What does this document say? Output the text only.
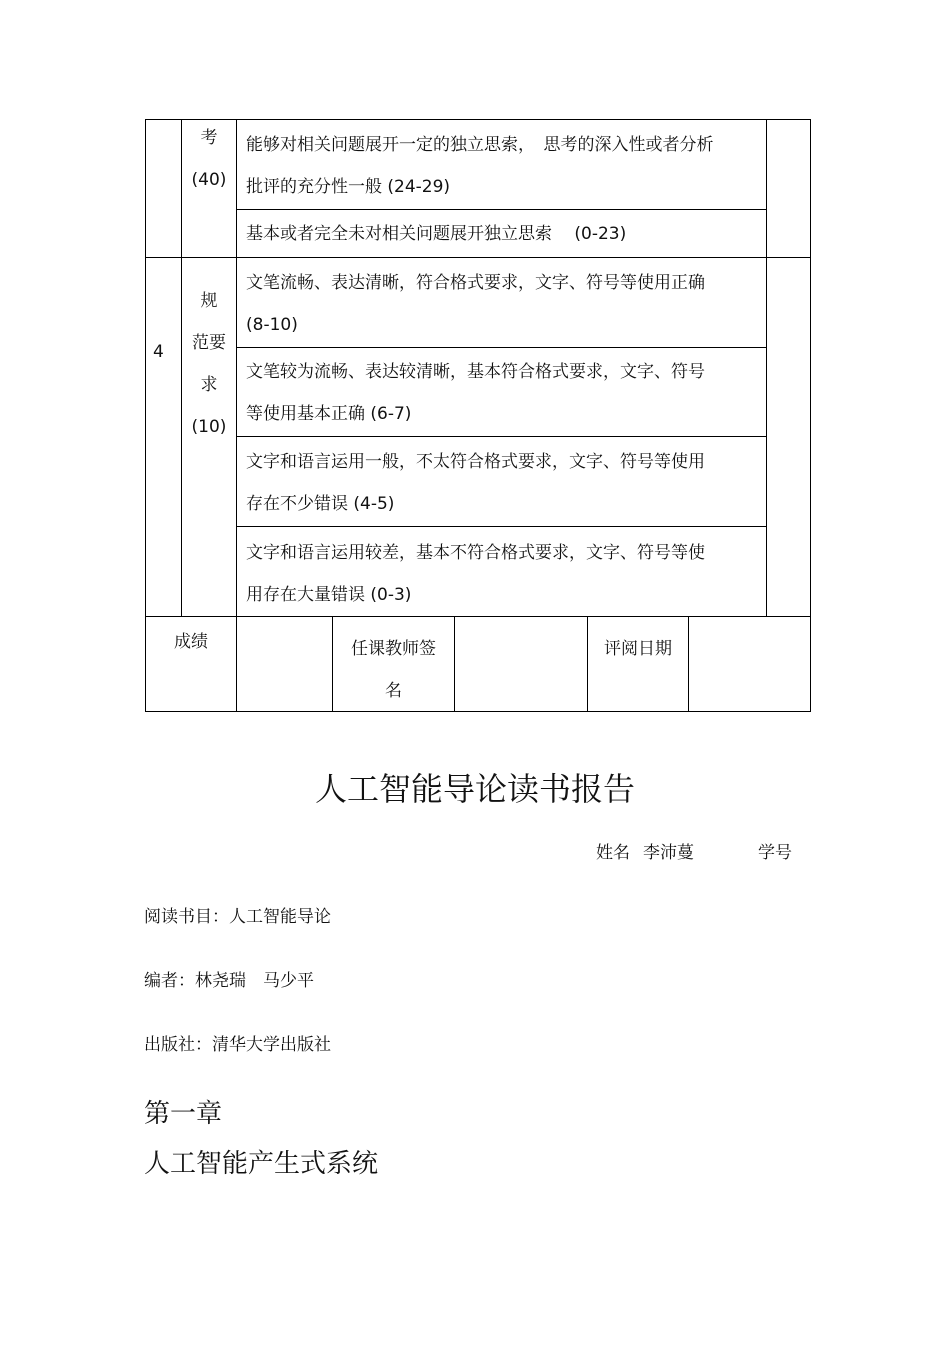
考
(40)
能够对相关问题展开一定的独立思索，　思考的深入性或者分析
批评的充分性一般 (24-29)
基本或者完全未对相关问题展开独立思索　 (0-23)
4
规
范要
求
(10)
文笔流畅、表达清晰，符合格式要求，文字、符号等使用正确
(8-10)
文笔较为流畅、表达较清晰，基本符合格式要求，文字、符号
等使用基本正确 (6-7)
文字和语言运用一般，不太符合格式要求，文字、符号等使用
存在不少错误 (4-5)
文字和语言运用较差，基本不符合格式要求，文字、符号等使
用存在大量错误 (0-3)
成绩	任课教师签
名
评阅日期
人工智能导论读书报告
姓名 李沛蔓	学号
阅读书目：人工智能导论
编者：林尧瑞　马少平
出版社：清华大学出版社
第一章
人工智能产生式系统
